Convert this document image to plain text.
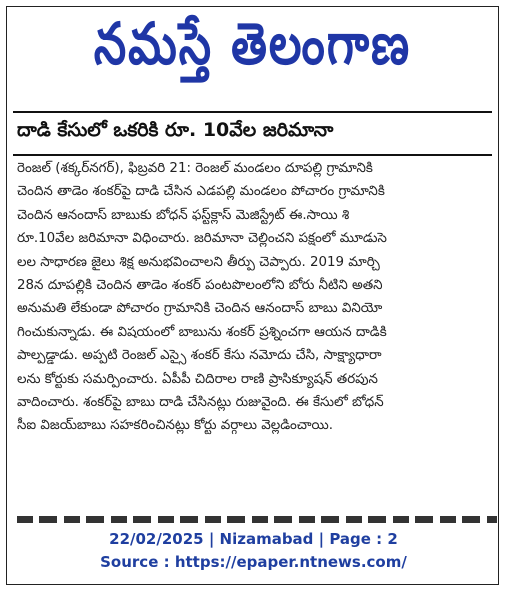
నమస్తే తెలంగాణ
దాడి కేసులో ఒకరికి రూ. 10వేల జరిమానా
రెంజల్ (శక్కర్‌నగర్), ఫిబ్రవరి 21: రెంజల్ మండలం దూపల్లి గ్రామానికి
చెందిన తాడెం శంకర్‌పై దాడి చేసిన ఎడపల్లి మండలం పోచారం గ్రామానికి
చెందిన ఆనందాస్ బాబుకు బోధన్ ఫస్ట్‌క్లాస్ మెజిస్ట్రేట్ ఈ.సాయి శి
రూ.10వేల జరిమానా విధించారు. జరిమానా చెల్లించని పక్షంలో మూడుసె
లల సాధారణ జైలు శిక్ష అనుభవించాలని తీర్పు చెప్పారు. 2019 మార్చి
28న దూపల్లికి చెందిన తాడెం శంకర్ పంటపొలంలోని బోరు నీటిని అతని
అనుమతి లేకుండా పోచారం గ్రామానికి చెందిన ఆనందాస్ బాబు వినియో
గించుకున్నాడు. ఈ విషయంలో బాబును శంకర్ ప్రశ్నించగా ఆయన దాడికి
పాల్పడ్డాడు. అప్పటి రెంజల్ ఎస్సై శంకర్ కేసు నమోదు చేసి, సాక్ష్యాధారా
లను కోర్టుకు సమర్పించారు. ఏపీపీ చిదిరాల రాణి ప్రాసిక్యూషన్ తరపున
వాదించారు. శంకర్‌పై బాబు దాడి చేసినట్లు రుజువైంది. ఈ కేసులో బోధన్
సీఐ విజయ్‌బాబు సహకరించినట్లు కోర్టు వర్గాలు వెల్లడించాయి.
22/02/2025 | Nizamabad | Page : 2
Source : https://epaper.ntnews.com/
